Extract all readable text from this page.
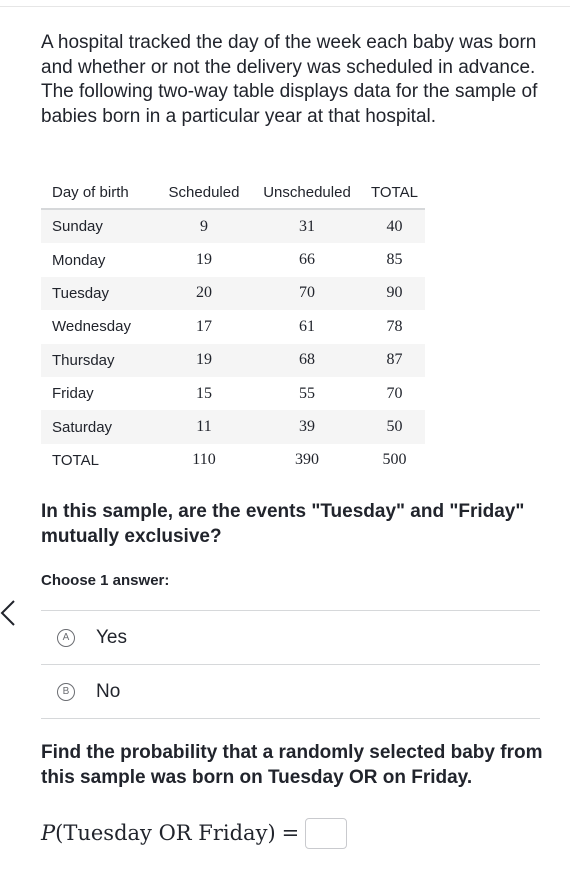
A hospital tracked the day of the week each baby was born and whether or not the delivery was scheduled in advance. The following two-way table displays data for the sample of babies born in a particular year at that hospital.

Day of birth	Scheduled	Unscheduled	TOTAL
Sunday	9	31	40
Monday	19	66	85
Tuesday	20	70	90
Wednesday	17	61	78
Thursday	19	68	87
Friday	15	55	70
Saturday	11	39	50
TOTAL	110	390	500

In this sample, are the events "Tuesday" and "Friday" mutually exclusive?

Choose 1 answer:
A Yes
B No

Find the probability that a randomly selected baby from this sample was born on Tuesday OR on Friday.

P ( Tuesday OR Friday ) =
